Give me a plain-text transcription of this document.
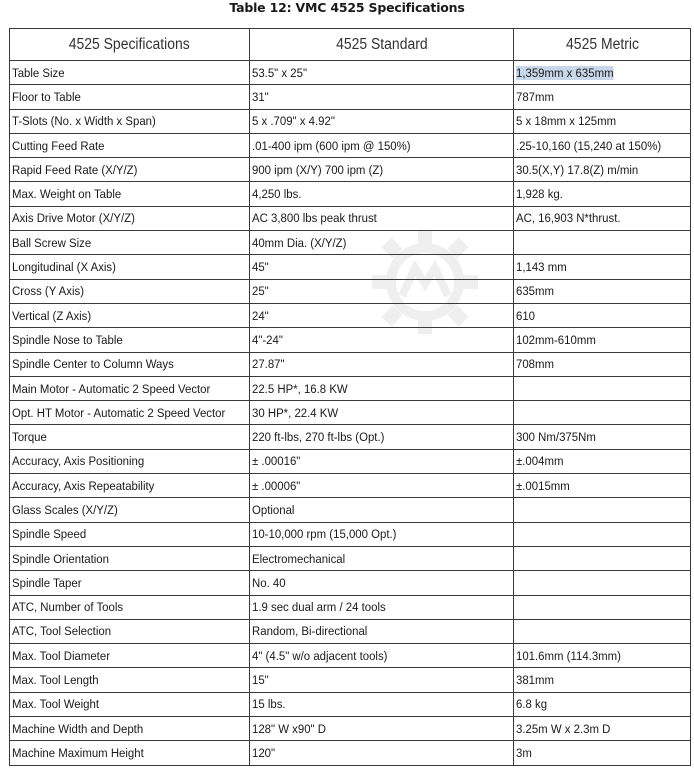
Table 12: VMC 4525 Specifications
4525 Specifications	4525 Standard	4525 Metric
Table Size	53.5" x 25"	1,359mm x 635mm
Floor to Table	31"	787mm
T-Slots (No. x Width x Span)	5 x .709" x 4.92"	5 x 18mm x 125mm
Cutting Feed Rate	.01-400 ipm (600 ipm @ 150%)	.25-10,160 (15,240 at 150%)
Rapid Feed Rate (X/Y/Z)	900 ipm (X/Y) 700 ipm (Z)	30.5(X,Y) 17.8(Z) m/min
Max. Weight on Table	4,250 lbs.	1,928 kg.
Axis Drive Motor (X/Y/Z)	AC 3,800 lbs peak thrust	AC, 16,903 N*thrust.
Ball Screw Size	40mm Dia. (X/Y/Z)	
Longitudinal (X Axis)	45"	1,143 mm
Cross (Y Axis)	25"	635mm
Vertical (Z Axis)	24"	610
Spindle Nose to Table	4"-24"	102mm-610mm
Spindle Center to Column Ways	27.87"	708mm
Main Motor - Automatic 2 Speed Vector	22.5 HP*, 16.8 KW	
Opt. HT Motor - Automatic 2 Speed Vector	30 HP*, 22.4 KW	
Torque	220 ft-lbs, 270 ft-lbs (Opt.)	300 Nm/375Nm
Accuracy, Axis Positioning	± .00016"	±.004mm
Accuracy, Axis Repeatability	± .00006"	±.0015mm
Glass Scales (X/Y/Z)	Optional	
Spindle Speed	10-10,000 rpm (15,000 Opt.)	
Spindle Orientation	Electromechanical	
Spindle Taper	No. 40	
ATC, Number of Tools	1.9 sec dual arm / 24 tools	
ATC, Tool Selection	Random, Bi-directional	
Max. Tool Diameter	4" (4.5" w/o adjacent tools)	101.6mm (114.3mm)
Max. Tool Length	15"	381mm
Max. Tool Weight	15 lbs.	6.8 kg
Machine Width and Depth	128" W x90" D	3.25m W x 2.3m D
Machine Maximum Height	120"	3m
